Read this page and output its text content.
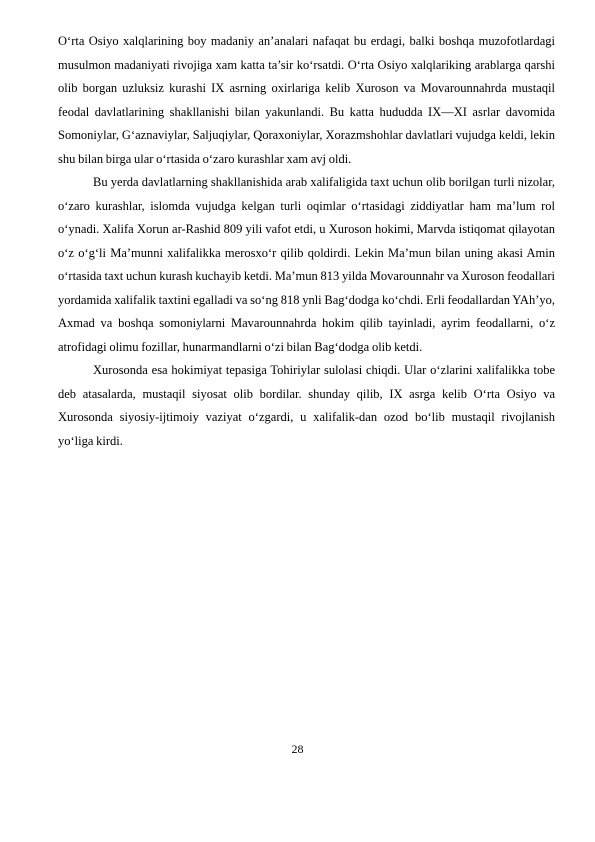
O‘rta Osiyo xalqlarining boy madaniy an’analari nafaqat bu erdagi, balki boshqa muzofotlardagi musulmon madaniyati rivojiga xam katta ta’sir ko‘rsatdi. O‘rta Osiyo xalqlariking arablarga qarshi olib borgan uzluksiz kurashi IX asrning oxirlariga kelib Xuroson va Movarounnahrda mustaqil feodal davlatlarining shakllanishi bilan yakunlandi. Bu katta hududda IX—XI asrlar davomida Somoniylar, G‘aznaviylar, Saljuqiylar, Qoraxoniylar, Xorazmshohlar davlatlari vujudga keldi, lekin shu bilan birga ular o‘rtasida o‘zaro kurashlar xam avj oldi.

Bu yerda davlatlarning shakllanishida arab xalifaligida taxt uchun olib borilgan turli nizolar, o‘zaro kurashlar, islomda vujudga kelgan turli oqimlar o‘rtasidagi ziddiyatlar ham ma’lum rol o‘ynadi. Xalifa Xorun ar-Rashid 809 yili vafot etdi, u Xuroson hokimi, Marvda istiqomat qilayotan o‘z o‘g‘li Ma’munni xalifalikka merosxo‘r qilib qoldirdi. Lekin Ma’mun bilan uning akasi Amin o‘rtasida taxt uchun kurash kuchayib ketdi. Ma’mun 813 yilda Movarounnahr va Xuroson feodallari yordamida xalifalik taxtini egalladi va so‘ng 818 ynli Bag‘dodga ko‘chdi. Erli feodallardan YAh’yo, Axmad va boshqa somoniylarni Mavarounnahrda hokim qilib tayinladi, ayrim feodallarni, o‘z atrofidagi olimu fozillar, hunarmandlarni o‘zi bilan Bag‘dodga olib ketdi.

Xurosonda esa hokimiyat tepasiga Tohiriylar sulolasi chiqdi. Ular o‘zlarini xalifalikka tobe deb atasalarda, mustaqil siyosat olib bordilar. shunday qilib, IX asrga kelib O‘rta Osiyo va Xurosonda siyosiy-ijtimoiy vaziyat o‘zgardi, u xalifalik-dan ozod bo‘lib mustaqil rivojlanish yo‘liga kirdi.

28
